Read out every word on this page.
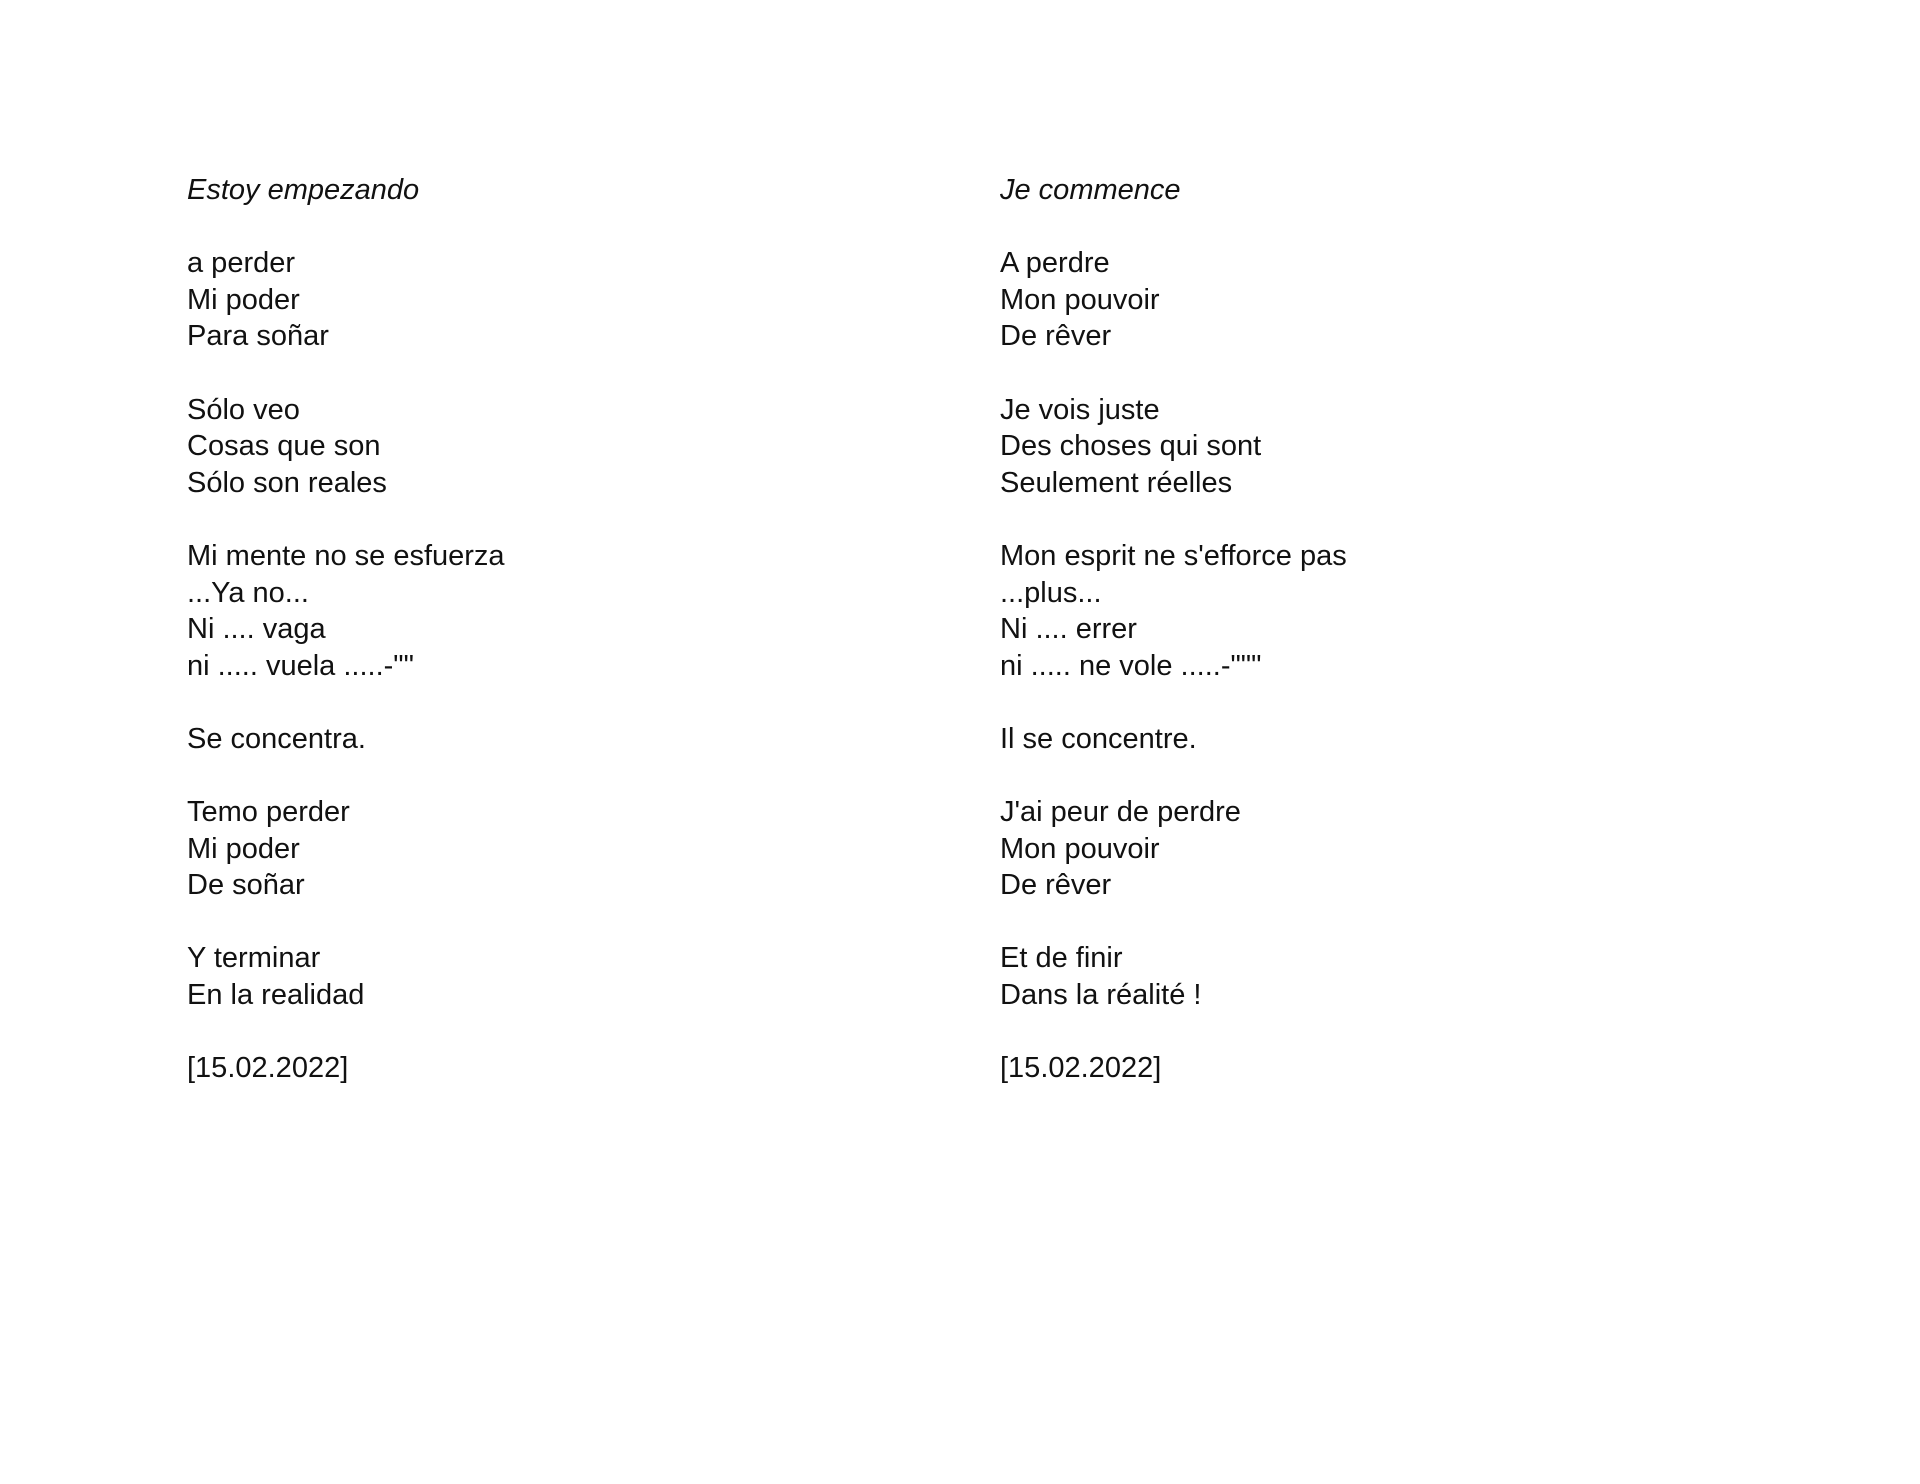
Estoy empezando
a perder
Mi poder
Para soñar
Sólo veo
Cosas que son
Sólo son reales
Mi mente no se esfuerza
...Ya no...
Ni .... vaga
ni ..... vuela .....-""
Se concentra.
Temo perder
Mi poder
De soñar
Y terminar
En la realidad
[15.02.2022]
Je commence
A perdre
Mon pouvoir
De rêver
Je vois juste
Des choses qui sont
Seulement réelles
Mon esprit ne s'efforce pas
...plus...
Ni .... errer
ni ..... ne vole .....-"""
Il se concentre.
J'ai peur de perdre
Mon pouvoir
De rêver
Et de finir
Dans la réalité !
[15.02.2022]
